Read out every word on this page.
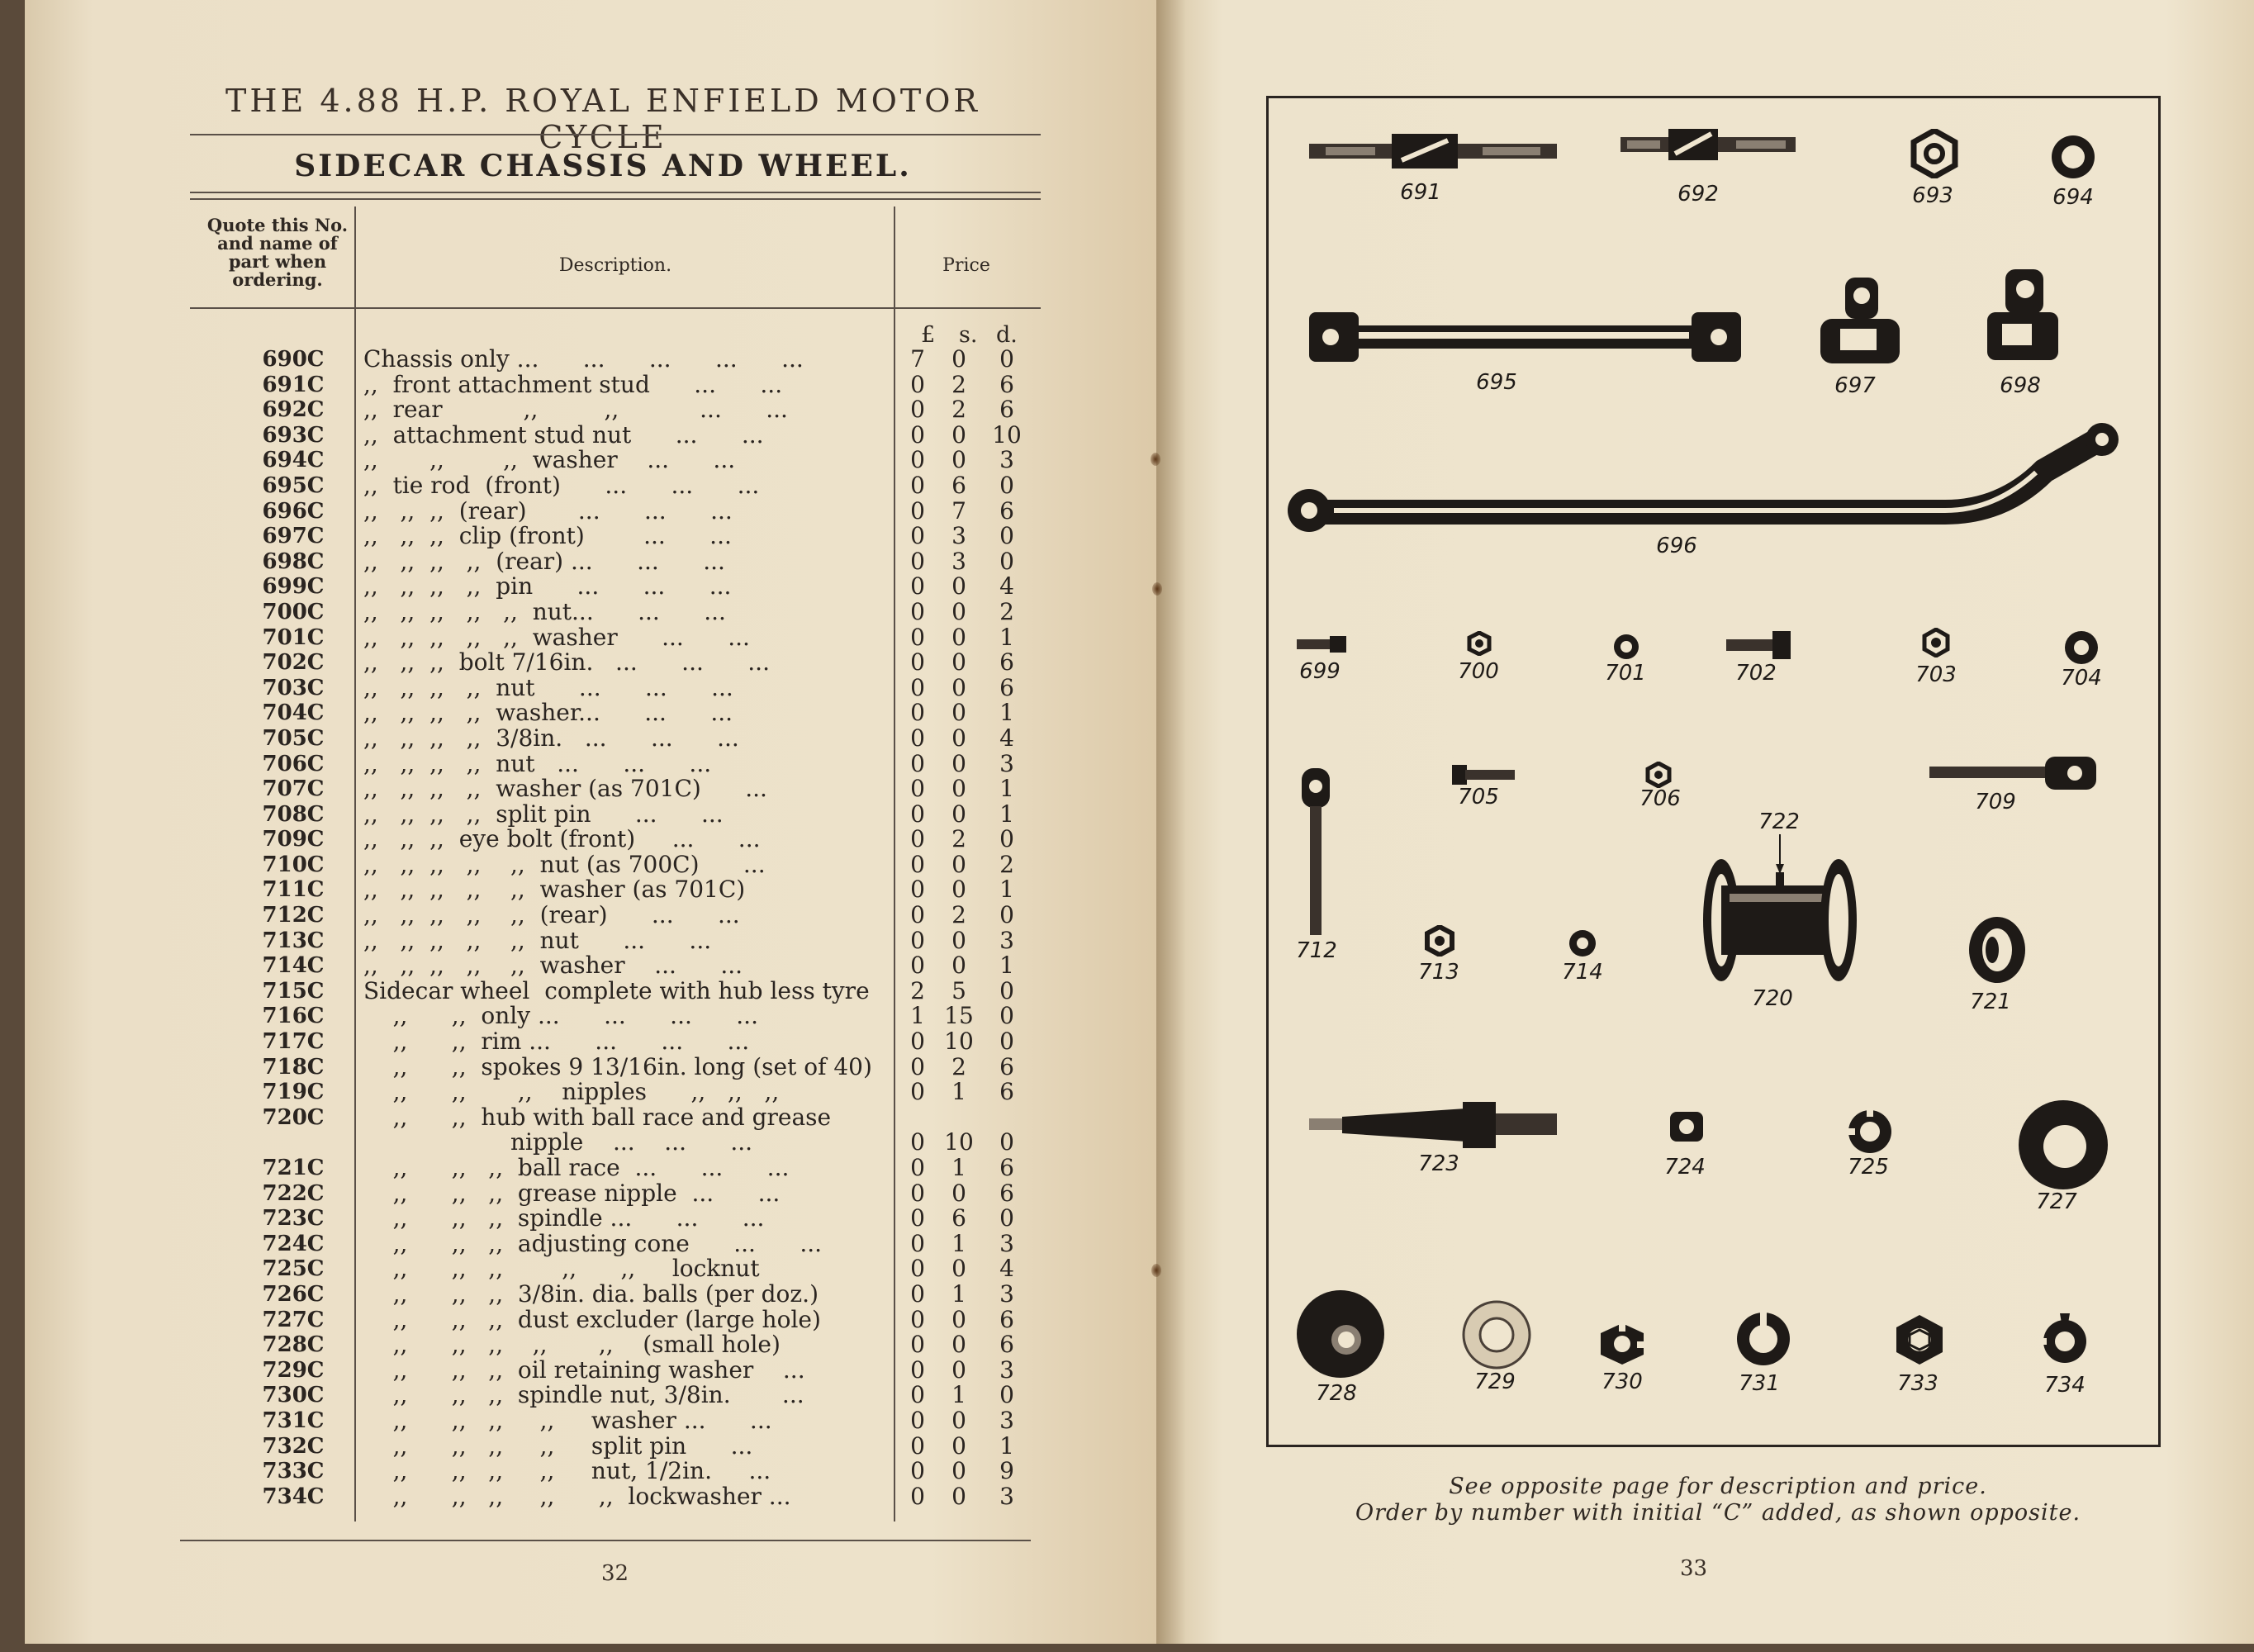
THE 4.88 H.P. ROYAL ENFIELD MOTOR CYCLE
SIDECAR CHASSIS AND WHEEL.
Quote this No. and name of part when ordering.
Description.	Price
£ s. d.
690C	Chassis only ...      ...      ...      ...      ...	7	0	0
691C	,,  front attachment stud      ...      ...	0	2	6
692C	,,  rear           ,,         ,,           ...      ...	0	2	6
693C	,,  attachment stud nut      ...      ...	0	0	10
694C	,,       ,,        ,,  washer    ...      ...	0	0	3
695C	,,  tie rod  (front)      ...      ...      ...	0	6	0
696C	,,   ,,  ,,  (rear)       ...      ...      ...	0	7	6
697C	,,   ,,  ,,  clip (front)        ...      ...	0	3	0
698C	,,   ,,  ,,   ,,  (rear) ...      ...      ...	0	3	0
699C	,,   ,,  ,,   ,,  pin      ...      ...      ...	0	0	4
700C	,,   ,,  ,,   ,,   ,,  nut...      ...      ...	0	0	2
701C	,,   ,,  ,,   ,,   ,,  washer      ...      ...	0	0	1
702C	,,   ,,  ,,  bolt 7/16in.   ...      ...      ...	0	0	6
703C	,,   ,,  ,,   ,,  nut      ...      ...      ...	0	0	6
704C	,,   ,,  ,,   ,,  washer...      ...      ...	0	0	1
705C	,,   ,,  ,,   ,,  3/8in.   ...      ...      ...	0	0	4
706C	,,   ,,  ,,   ,,  nut   ...      ...      ...	0	0	3
707C	,,   ,,  ,,   ,,  washer (as 701C)      ...	0	0	1
708C	,,   ,,  ,,   ,,  split pin      ...      ...	0	0	1
709C	,,   ,,  ,,  eye bolt (front)     ...      ...	0	2	0
710C	,,   ,,  ,,   ,,    ,,  nut (as 700C)      ...	0	0	2
711C	,,   ,,  ,,   ,,    ,,  washer (as 701C)	0	0	1
712C	,,   ,,  ,,   ,,    ,,  (rear)      ...      ...	0	2	0
713C	,,   ,,  ,,   ,,    ,,  nut      ...      ...	0	0	3
714C	,,   ,,  ,,   ,,    ,,  washer    ...      ...	0	0	1
715C	Sidecar wheel  complete with hub less tyre	2	5	0
716C	,,      ,,  only ...      ...      ...      ...	1 15	0
717C	,,      ,,  rim ...      ...      ...      ...	0 10	0
718C	,,      ,,  spokes 9 13/16in. long (set of 40)	0	2	6
719C	,,      ,,       ,,    nipples      ,,   ,,   ,,	0	1	6
720C	,,      ,,  hub with ball race and grease
nipple    ...    ...      ...	0 10	0
721C	,,      ,,   ,,  ball race  ...      ...      ...	0	1	6
722C	,,      ,,   ,,  grease nipple  ...      ...	0	0	6
723C	,,      ,,   ,,  spindle ...      ...      ...	0	6	0
724C	,,      ,,   ,,  adjusting cone      ...      ...	0	1	3
725C	,,      ,,   ,,        ,,      ,,     locknut	0	0	4
726C	,,      ,,   ,,  3/8in. dia. balls (per doz.)	0	1	3
727C	,,      ,,   ,,  dust excluder (large hole)	0	0	6
728C	,,      ,,   ,,    ,,       ,,    (small hole)	0	0	6
729C	,,      ,,   ,,  oil retaining washer    ...	0	0	3
730C	,,      ,,   ,,  spindle nut, 3/8in.       ...	0	1	0
731C	,,      ,,   ,,     ,,     washer ...      ...	0	0	3
732C	,,      ,,   ,,     ,,     split pin      ...	0	0	1
733C	,,      ,,   ,,     ,,     nut, 1/2in.     ...	0	0	9
734C	,,      ,,   ,,     ,,      ,,  lockwasher ...	0	0	3
32
691	692	693	694
695	697	698
696
699	700	701	702	703	704
712
705	706	709
722
720
713	714
721
723	724	725
727
728	729	730	731	733	734
See opposite page for description and price.
Order by number with initial “C” added, as shown opposite.
33
